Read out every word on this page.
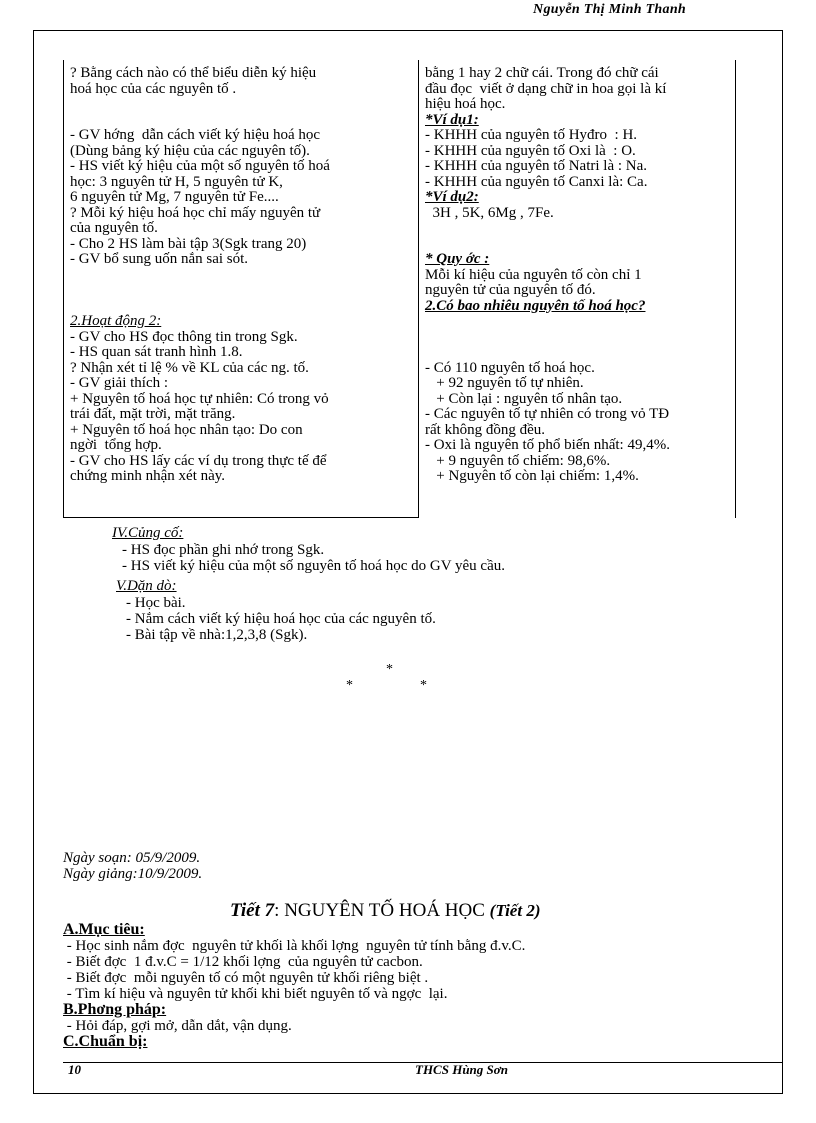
Nguyễn Thị Minh Thanh
? Bằng cách nào có thể biểu diễn ký hiệu
hoá học của các nguyên tố .
- GV hớng  dẫn cách viết ký hiệu hoá học
(Dùng bảng ký hiệu của các nguyên tố).
- HS viết ký hiệu của một số nguyên tố hoá
học: 3 nguyên tử H, 5 nguyên tử K,
6 nguyên tử Mg, 7 nguyên tử Fe....
? Mỗi ký hiệu hoá học chỉ mấy nguyên tử
của nguyên tố.
- Cho 2 HS làm bài tập 3(Sgk trang 20)
- GV bổ sung uốn nắn sai sót.
2.Hoạt động 2:
- GV cho HS đọc thông tin trong Sgk.
- HS quan sát tranh hình 1.8.
? Nhận xét tỉ lệ % về KL của các ng. tố.
- GV giải thích :
+ Nguyên tố hoá học tự nhiên: Có trong vỏ
trái đất, mặt trời, mặt trăng.
+ Nguyên tố hoá học nhân tạo: Do con
ngời  tổng hợp.
- GV cho HS lấy các ví dụ trong thực tế để
chứng minh nhận xét này.
bằng 1 hay 2 chữ cái. Trong đó chữ cái
đầu đọc  viết ở dạng chữ in hoa gọi là kí
hiệu hoá học.
*Ví dụ1:
- KHHH của nguyên tố Hyđro  : H.
- KHHH của nguyên tố Oxi là  : O.
- KHHH của nguyên tố Natri là : Na.
- KHHH của nguyên tố Canxi là: Ca.
*Ví dụ2:
3H , 5K, 6Mg , 7Fe.
* Quy ớc :
Mỗi kí hiệu của nguyên tố còn chỉ 1
nguyên tử của nguyên tố đó.
2.Có bao nhiêu nguyên tố hoá học?
- Có 110 nguyên tố hoá học.
+ 92 nguyên tố tự nhiên.
+ Còn lại : nguyên tố nhân tạo.
- Các nguyên tố tự nhiên có trong vỏ TĐ
rất không đồng đều.
- Oxi là nguyên tố phổ biến nhất: 49,4%.
+ 9 nguyên tố chiếm: 98,6%.
+ Nguyên tố còn lại chiếm: 1,4%.
IV.Củng cố:
- HS đọc phần ghi nhớ trong Sgk.
- HS viết ký hiệu của một số nguyên tố hoá học do GV yêu cầu.
V.Dặn dò:
- Học bài.
- Nắm cách viết ký hiệu hoá học của các nguyên tố.
- Bài tập về nhà:1,2,3,8 (Sgk).
*
*	*
Ngày soạn: 05/9/2009.
Ngày giảng:10/9/2009.
Tiết 7: NGUYÊN TỐ HOÁ HỌC (Tiết 2)
A.Mục tiêu:
- Học sinh nắm đợc  nguyên tử khối là khối lợng  nguyên tử tính bằng đ.v.C.
- Biết đợc  1 đ.v.C = 1/12 khối lợng  của nguyên tử cacbon.
- Biết đợc  mỗi nguyên tố có một nguyên tử khối riêng biệt .
- Tìm kí hiệu và nguyên tử khối khi biết nguyên tố và ngợc  lại.
B.Phơng pháp:
- Hỏi đáp, gợi mở, dẫn dắt, vận dụng.
C.Chuẩn bị:
10	THCS Hùng Sơn
